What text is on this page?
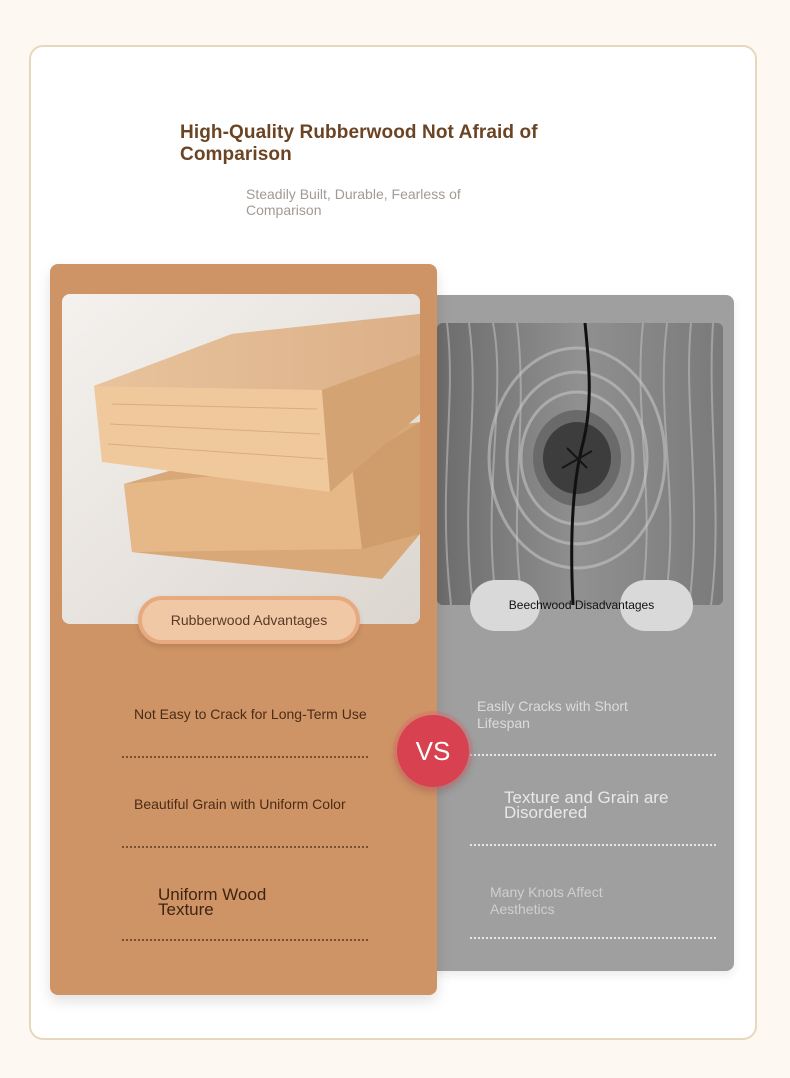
High-Quality Rubberwood Not Afraid of Comparison
Steadily Built, Durable, Fearless of Comparison
Beechwood Disadvantages
Easily Cracks with Short Lifespan
Texture and Grain are Disordered
Many Knots Affect Aesthetics
Rubberwood Advantages
Not Easy to Crack for Long-Term Use
Beautiful Grain with Uniform Color
Uniform Wood Texture
VS
